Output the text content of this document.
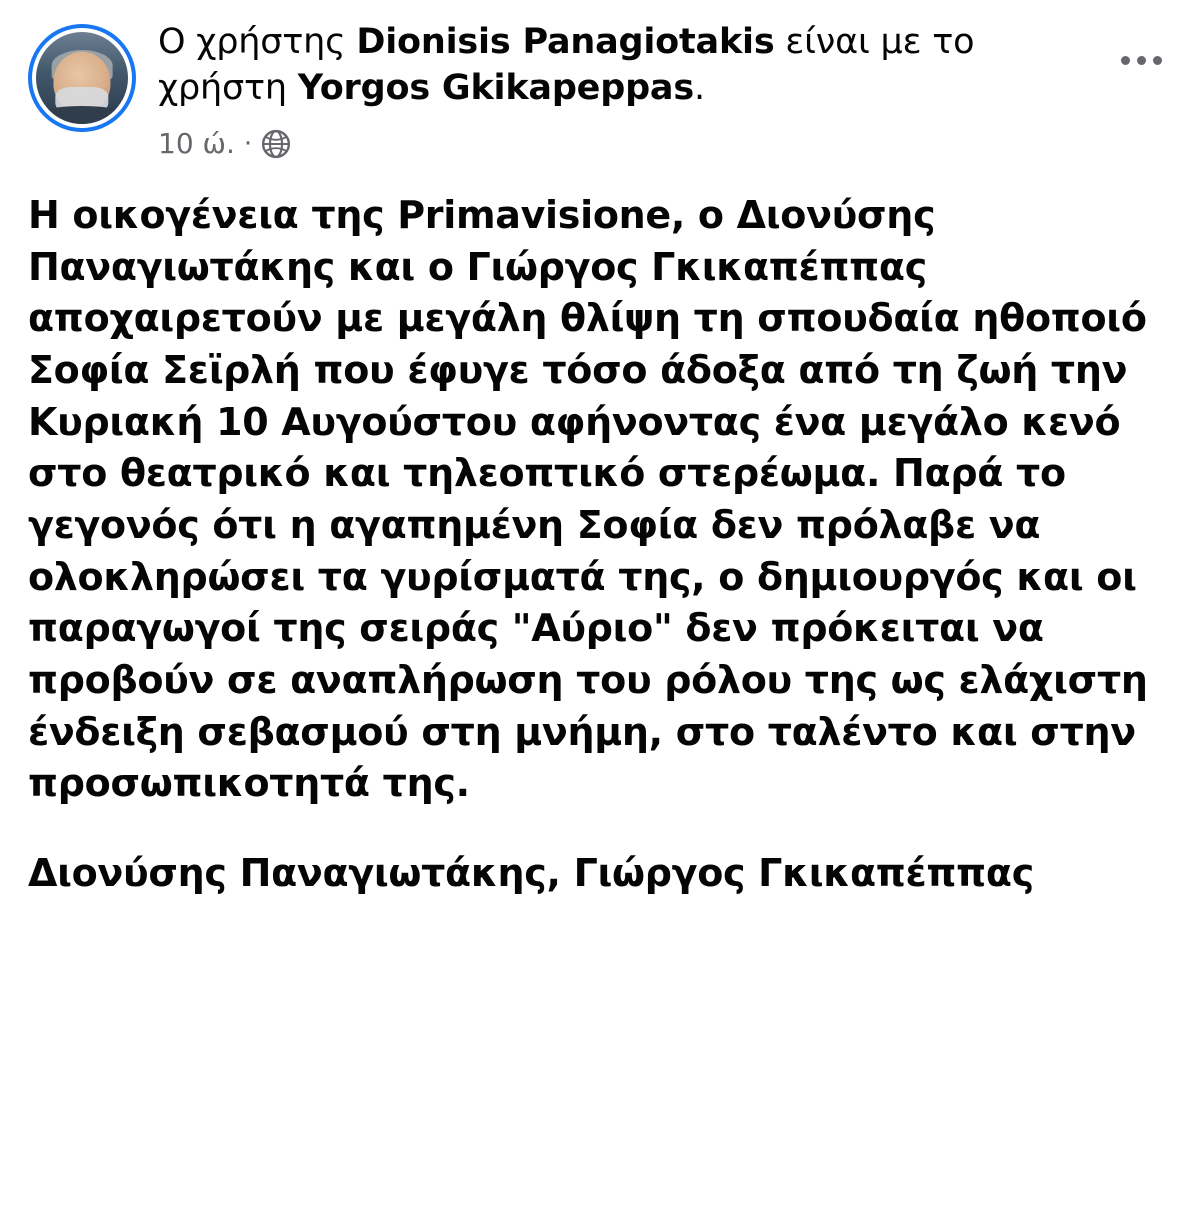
Ο χρήστης Dionisis Panagiotakis είναι με το χρήστη Yorgos Gkikapeppas.
10 ώ. ·

Η οικογένεια της Primavisione, ο Διονύσης Παναγιωτάκης και ο Γιώργος Γκικαπέππας αποχαιρετούν με μεγάλη θλίψη τη σπουδαία ηθοποιό Σοφία Σεϊρλή που έφυγε τόσο άδοξα από τη ζωή την Κυριακή 10 Αυγούστου αφήνοντας ένα μεγάλο κενό στο θεατρικό και τηλεοπτικό στερέωμα. Παρά το γεγονός ότι η αγαπημένη Σοφία δεν πρόλαβε να ολοκληρώσει τα γυρίσματά της, ο δημιουργός και οι παραγωγοί της σειράς "Αύριο" δεν πρόκειται να προβούν σε αναπλήρωση του ρόλου της ως ελάχιστη ένδειξη σεβασμού στη μνήμη, στο ταλέντο και στην προσωπικοτητά της.

Διονύσης Παναγιωτάκης, Γιώργος Γκικαπέππας
